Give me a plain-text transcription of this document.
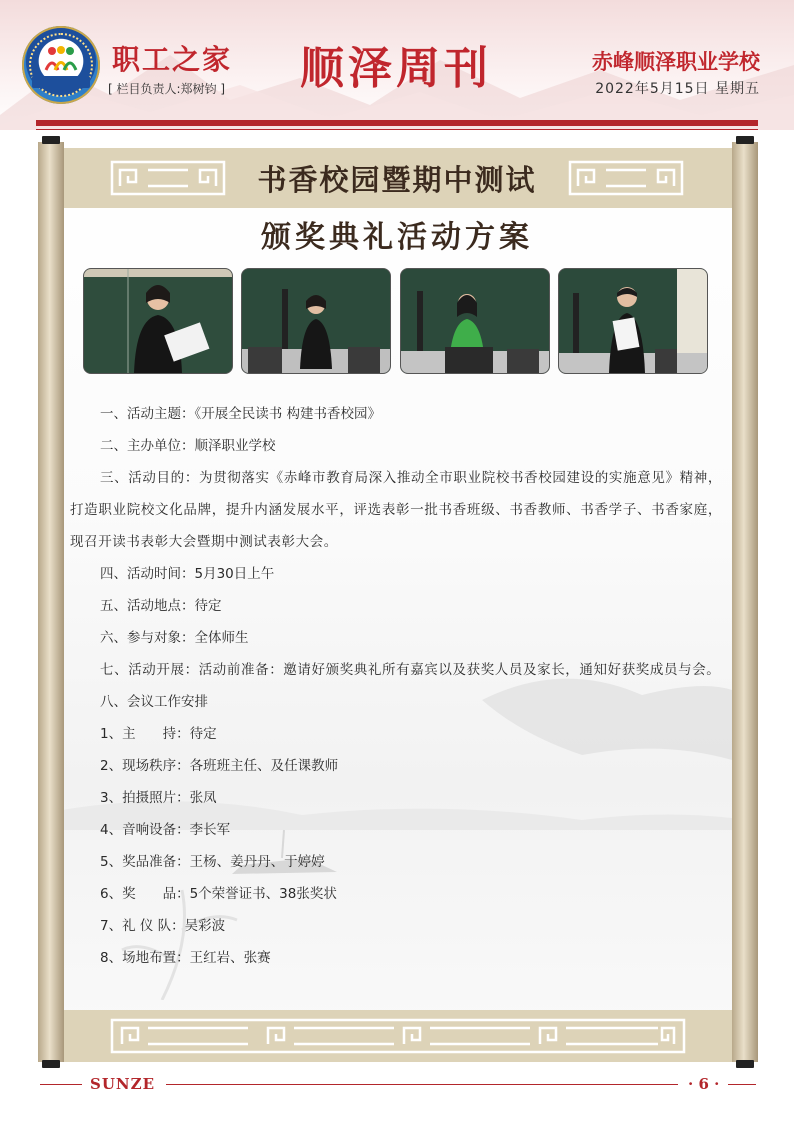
职工之家
[ 栏目负责人:郑树钧 ] 顺泽周刊	赤峰顺泽职业学校
2022年5月15日 星期五
书香校园暨期中测试
颁奖典礼活动方案

一、活动主题：《开展全民读书 构建书香校园》

二、主办单位：顺泽职业学校

三、活动目的：为贯彻落实《赤峰市教育局深入推动全市职业院校书香校园建设的实施意见》精神，打造职业院校文化品牌，提升内涵发展水平，评选表彰一批书香班级、书香教师、书香学子、书香家庭，现召开读书表彰大会暨期中测试表彰大会。

四、活动时间：5月30日上午

五、活动地点：待定

六、参与对象：全体师生

七、活动开展：活动前准备：邀请好颁奖典礼所有嘉宾以及获奖人员及家长，通知好获奖成员与会。

八、会议工作安排

1、主　　持：待定

2、现场秩序：各班班主任、及任课教师

3、拍摄照片：张凤

4、音响设备：李长军

5、奖品准备：王杨、姜丹丹、于婷婷

6、奖　　品：5个荣誉证书、38张奖状

7、礼 仪 队：吴彩波

8、场地布置：王红岩、张赛

SUNZE	· 6 ·
